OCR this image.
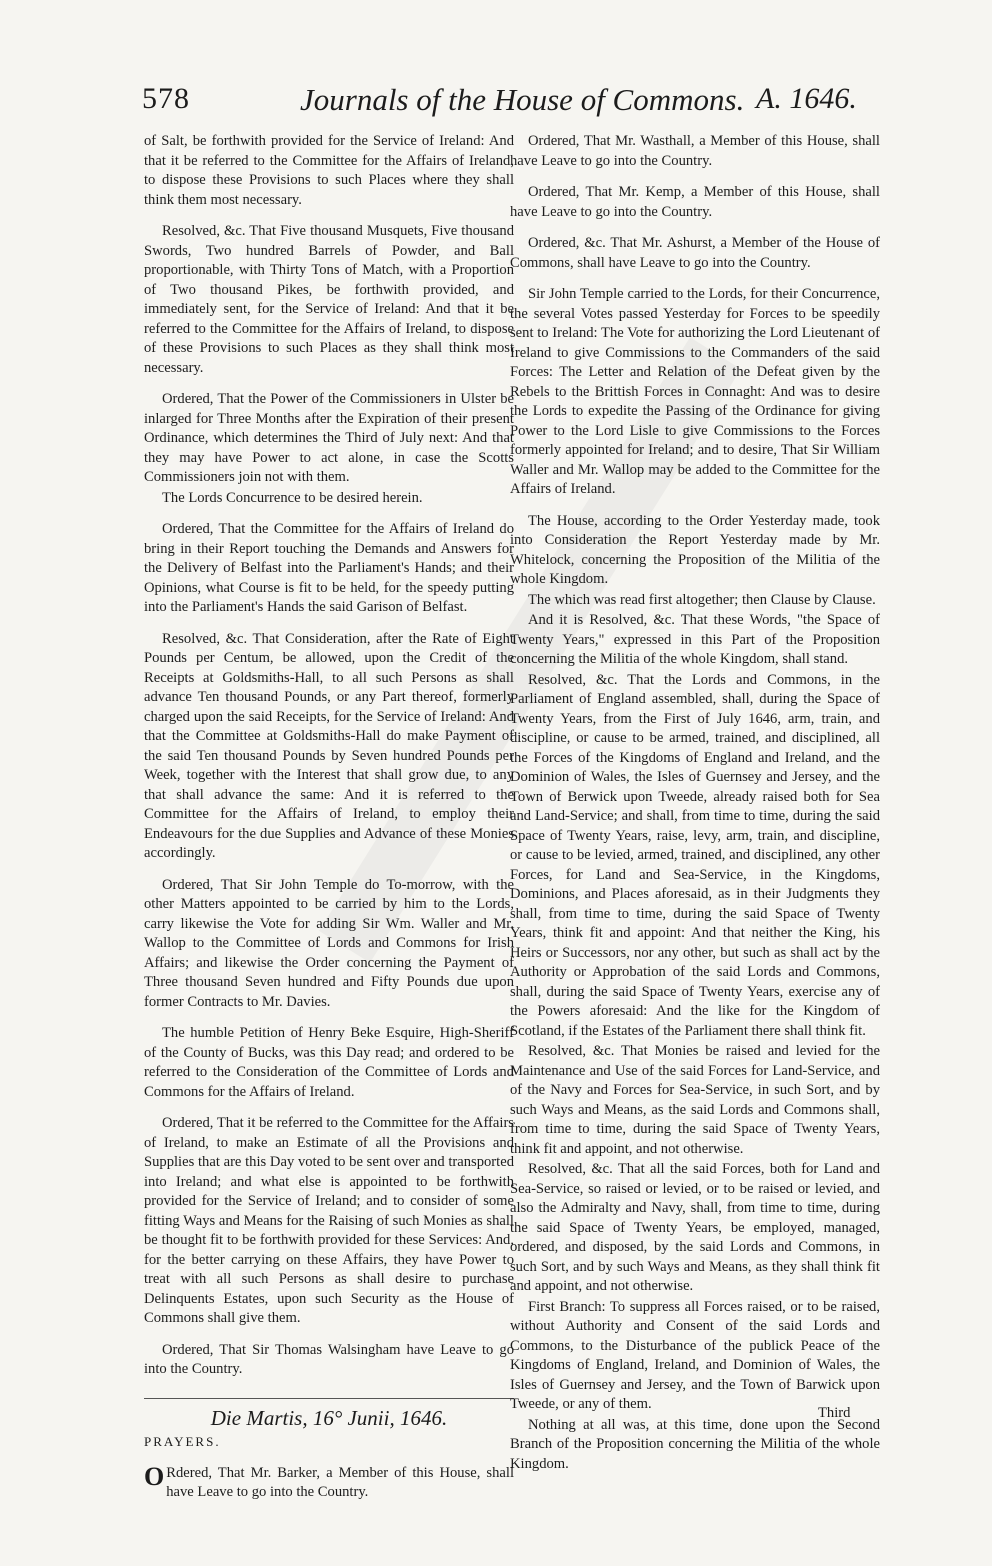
578	Journals of the House of Commons. A. 1646.

of Salt, be forthwith provided for the Service of Ireland: And that it be referred to the Committee for the Affairs of Ireland, to dispose these Provisions to such Places where they shall think them most necessary.

Resolved, &c. That Five thousand Musquets, Five thousand Swords, Two hundred Barrels of Powder, and Ball proportionable, with Thirty Tons of Match, with a Proportion of Two thousand Pikes, be forthwith provided, and immediately sent, for the Service of Ireland: And that it be referred to the Committee for the Affairs of Ireland, to dispose of these Provisions to such Places as they shall think most necessary.

Ordered, That the Power of the Commissioners in Ulster be inlarged for Three Months after the Expiration of their present Ordinance, which determines the Third of July next: And that they may have Power to act alone, in case the Scotts Commissioners join not with them.

The Lords Concurrence to be desired herein.

Ordered, That the Committee for the Affairs of Ireland do bring in their Report touching the Demands and Answers for the Delivery of Belfast into the Parliament's Hands; and their Opinions, what Course is fit to be held, for the speedy putting into the Parliament's Hands the said Garison of Belfast.

Resolved, &c. That Consideration, after the Rate of Eight Pounds per Centum, be allowed, upon the Credit of the Receipts at Goldsmiths-Hall, to all such Persons as shall advance Ten thousand Pounds, or any Part thereof, formerly charged upon the said Receipts, for the Service of Ireland: And that the Committee at Goldsmiths-Hall do make Payment of the said Ten thousand Pounds by Seven hundred Pounds per Week, together with the Interest that shall grow due, to any that shall advance the same: And it is referred to the Committee for the Affairs of Ireland, to employ their Endeavours for the due Supplies and Advance of these Monies accordingly.

Ordered, That Sir John Temple do To-morrow, with the other Matters appointed to be carried by him to the Lords, carry likewise the Vote for adding Sir Wm. Waller and Mr. Wallop to the Committee of Lords and Commons for Irish Affairs; and likewise the Order concerning the Payment of Three thousand Seven hundred and Fifty Pounds due upon former Contracts to Mr. Davies.

The humble Petition of Henry Beke Esquire, High-Sheriff of the County of Bucks, was this Day read; and ordered to be referred to the Consideration of the Committee of Lords and Commons for the Affairs of Ireland.

Ordered, That it be referred to the Committee for the Affairs of Ireland, to make an Estimate of all the Provisions and Supplies that are this Day voted to be sent over and transported into Ireland; and what else is appointed to be forthwith provided for the Service of Ireland; and to consider of some fitting Ways and Means for the Raising of such Monies as shall be thought fit to be forthwith provided for these Services: And, for the better carrying on these Affairs, they have Power to treat with all such Persons as shall desire to purchase Delinquents Estates, upon such Security as the House of Commons shall give them.

Ordered, That Sir Thomas Walsingham have Leave to go into the Country.

Die Martis, 16° Junii, 1646.

PRAYERS.

O Rdered, That Mr. Barker, a Member of this House, shall have Leave to go into the Country.

Ordered, That Mr. Wasthall, a Member of this House, shall have Leave to go into the Country.

Ordered, That Mr. Kemp, a Member of this House, shall have Leave to go into the Country.

Ordered, &c. That Mr. Ashurst, a Member of the House of Commons, shall have Leave to go into the Country.

Sir John Temple carried to the Lords, for their Concurrence, the several Votes passed Yesterday for Forces to be speedily sent to Ireland: The Vote for authorizing the Lord Lieutenant of Ireland to give Commissions to the Commanders of the said Forces: The Letter and Relation of the Defeat given by the Rebels to the Brittish Forces in Connaght: And was to desire the Lords to expedite the Passing of the Ordinance for giving Power to the Lord Lisle to give Commissions to the Forces formerly appointed for Ireland; and to desire, That Sir William Waller and Mr. Wallop may be added to the Committee for the Affairs of Ireland.

The House, according to the Order Yesterday made, took into Consideration the Report Yesterday made by Mr. Whitelock, concerning the Proposition of the Militia of the whole Kingdom.

The which was read first altogether; then Clause by Clause.

And it is Resolved, &c. That these Words, "the Space of Twenty Years," expressed in this Part of the Proposition concerning the Militia of the whole Kingdom, shall stand.

Resolved, &c. That the Lords and Commons, in the Parliament of England assembled, shall, during the Space of Twenty Years, from the First of July 1646, arm, train, and discipline, or cause to be armed, trained, and disciplined, all the Forces of the Kingdoms of England and Ireland, and the Dominion of Wales, the Isles of Guernsey and Jersey, and the Town of Berwick upon Tweede, already raised both for Sea and Land-Service; and shall, from time to time, during the said Space of Twenty Years, raise, levy, arm, train, and discipline, or cause to be levied, armed, trained, and disciplined, any other Forces, for Land and Sea-Service, in the Kingdoms, Dominions, and Places aforesaid, as in their Judgments they shall, from time to time, during the said Space of Twenty Years, think fit and appoint: And that neither the King, his Heirs or Successors, nor any other, but such as shall act by the Authority or Approbation of the said Lords and Commons, shall, during the said Space of Twenty Years, exercise any of the Powers aforesaid: And the like for the Kingdom of Scotland, if the Estates of the Parliament there shall think fit.

Resolved, &c. That Monies be raised and levied for the Maintenance and Use of the said Forces for Land-Service, and of the Navy and Forces for Sea-Service, in such Sort, and by such Ways and Means, as the said Lords and Commons shall, from time to time, during the said Space of Twenty Years, think fit and appoint, and not otherwise.

Resolved, &c. That all the said Forces, both for Land and Sea-Service, so raised or levied, or to be raised or levied, and also the Admiralty and Navy, shall, from time to time, during the said Space of Twenty Years, be employed, managed, ordered, and disposed, by the said Lords and Commons, in such Sort, and by such Ways and Means, as they shall think fit and appoint, and not otherwise.

First Branch: To suppress all Forces raised, or to be raised, without Authority and Consent of the said Lords and Commons, to the Disturbance of the publick Peace of the Kingdoms of England, Ireland, and Dominion of Wales, the Isles of Guernsey and Jersey, and the Town of Barwick upon Tweede, or any of them.

Nothing at all was, at this time, done upon the Second Branch of the Proposition concerning the Militia of the whole Kingdom.

Third
